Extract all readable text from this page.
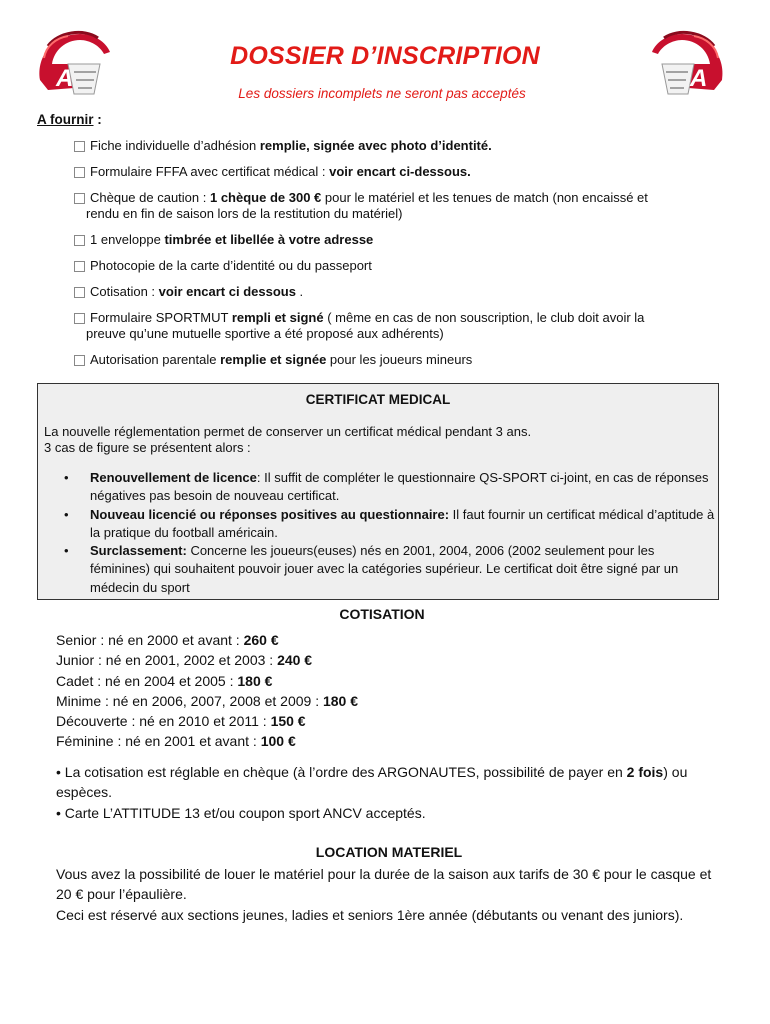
A	A
DOSSIER D’INSCRIPTION
Les dossiers incomplets ne seront pas acceptés
A fournir :
Fiche individuelle d’adhésion remplie, signée avec photo d’identité.
Formulaire FFFA avec certificat médical : voir encart ci-dessous.
Chèque de caution : 1 chèque de 300 € pour le matériel et les tenues de match (non encaissé et
rendu en fin de saison lors de la restitution du matériel)
1 enveloppe timbrée et libellée à votre adresse
Photocopie de la carte d’identité ou du passeport
Cotisation : voir encart ci dessous .
Formulaire SPORTMUT rempli et signé ( même en cas de non souscription, le club doit avoir la
preuve qu’une mutuelle sportive a été proposé aux adhérents)
Autorisation parentale remplie et signée pour les joueurs mineurs
CERTIFICAT MEDICAL
La nouvelle réglementation permet de conserver un certificat médical pendant 3 ans.
3 cas de figure se présentent alors :
• Renouvellement de licence: Il suffit de compléter le questionnaire QS-SPORT ci-joint, en cas de réponses négatives pas besoin de nouveau certificat.
• Nouveau licencié ou réponses positives au questionnaire: Il faut fournir un certificat médical d’aptitude à la pratique du football américain.
• Surclassement: Concerne les joueurs(euses) nés en 2001, 2004, 2006 (2002 seulement pour les féminines) qui souhaitent pouvoir jouer avec la catégories supérieur. Le certificat doit être signé par un médecin du sport
COTISATION
Senior : né en 2000 et avant : 260 €
Junior : né en 2001, 2002 et 2003 : 240 €
Cadet : né en 2004 et 2005 : 180 €
Minime : né en 2006, 2007, 2008 et 2009 : 180 €
Découverte : né en 2010 et 2011 : 150 €
Féminine : né en 2001 et avant : 100 €
• La cotisation est réglable en chèque (à l’ordre des ARGONAUTES, possibilité de payer en 2 fois) ou espèces.
• Carte L’ATTITUDE 13 et/ou coupon sport ANCV acceptés.
LOCATION MATERIEL
Vous avez la possibilité de louer le matériel pour la durée de la saison aux tarifs de 30 € pour le casque et 20 € pour l’épaulière.
Ceci est réservé aux sections jeunes, ladies et seniors 1ère année (débutants ou venant des juniors).
